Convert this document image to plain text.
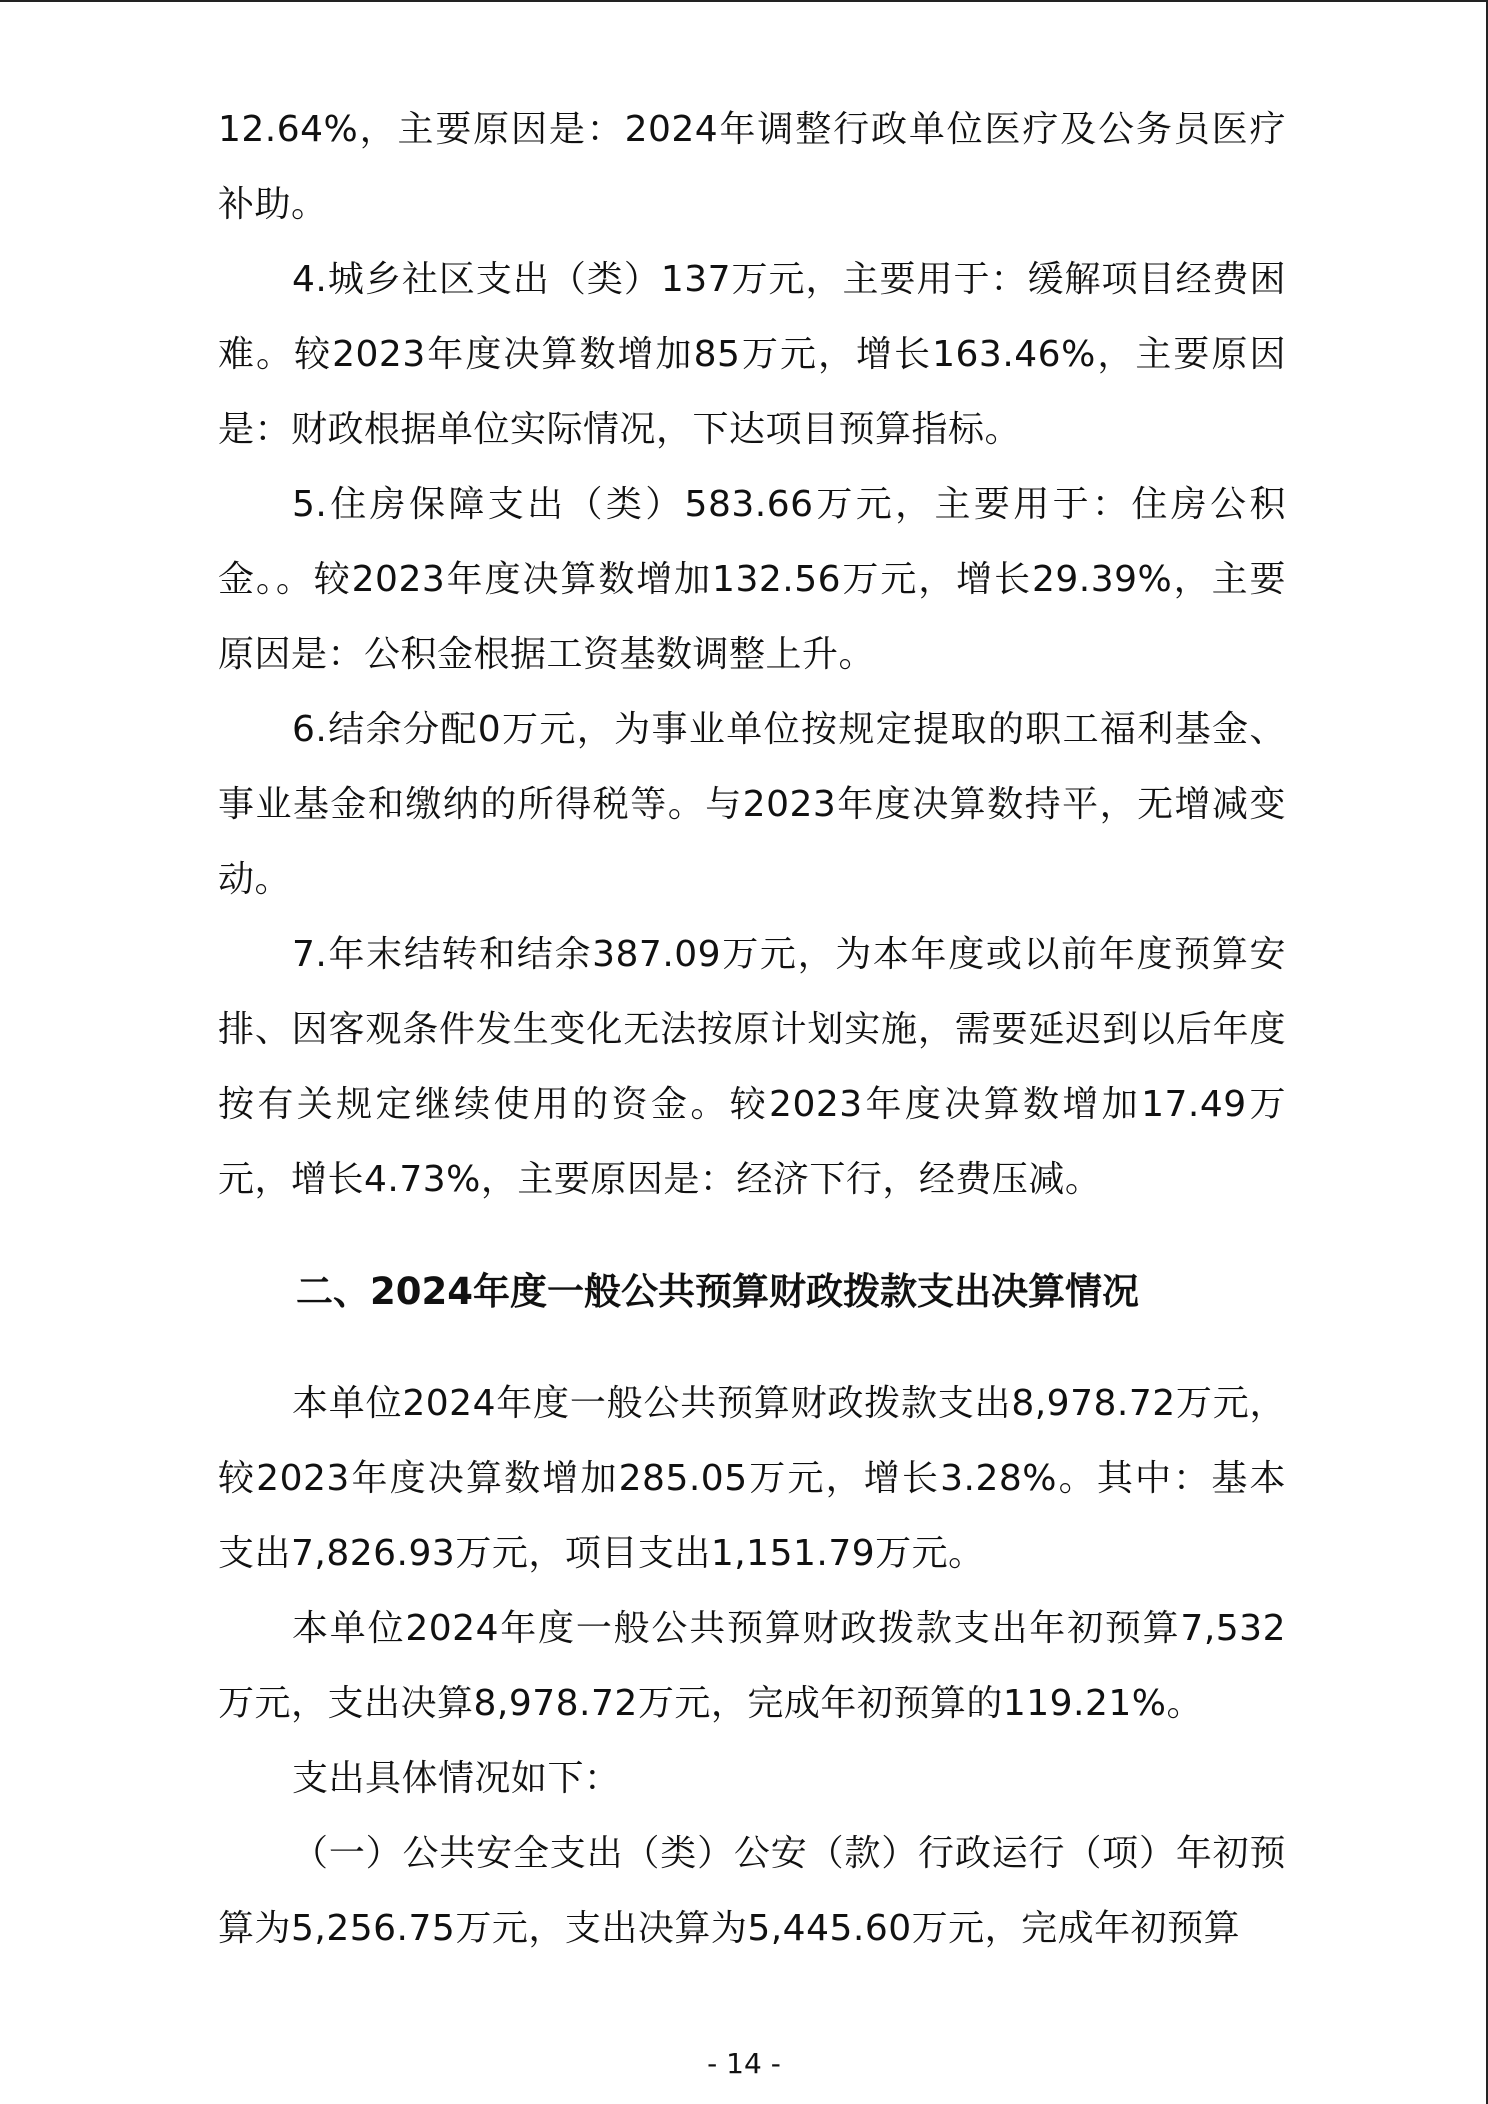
12.64%，主要原因是：2024年调整行政单位医疗及公务员医疗补助。

4.城乡社区支出（类）137万元，主要用于：缓解项目经费困难。较2023年度决算数增加85万元，增长163.46%，主要原因是：财政根据单位实际情况，下达项目预算指标。

5.住房保障支出（类）583.66万元，主要用于：住房公积金。。较2023年度决算数增加132.56万元，增长29.39%，主要原因是：公积金根据工资基数调整上升。

6.结余分配0万元，为事业单位按规定提取的职工福利基金、事业基金和缴纳的所得税等。与2023年度决算数持平，无增减变动。

7.年末结转和结余387.09万元，为本年度或以前年度预算安排、因客观条件发生变化无法按原计划实施，需要延迟到以后年度按有关规定继续使用的资金。较2023年度决算数增加17.49万元，增长4.73%，主要原因是：经济下行，经费压减。

二、2024年度一般公共预算财政拨款支出决算情况

本单位2024年度一般公共预算财政拨款支出8,978.72万元，较2023年度决算数增加285.05万元，增长3.28%。其中：基本支出7,826.93万元，项目支出1,151.79万元。

本单位2024年度一般公共预算财政拨款支出年初预算7,532万元，支出决算8,978.72万元，完成年初预算的119.21%。

支出具体情况如下：

（一）公共安全支出（类）公安（款）行政运行（项）年初预算为5,256.75万元，支出决算为5,445.60万元，完成年初预算

- 14 -
